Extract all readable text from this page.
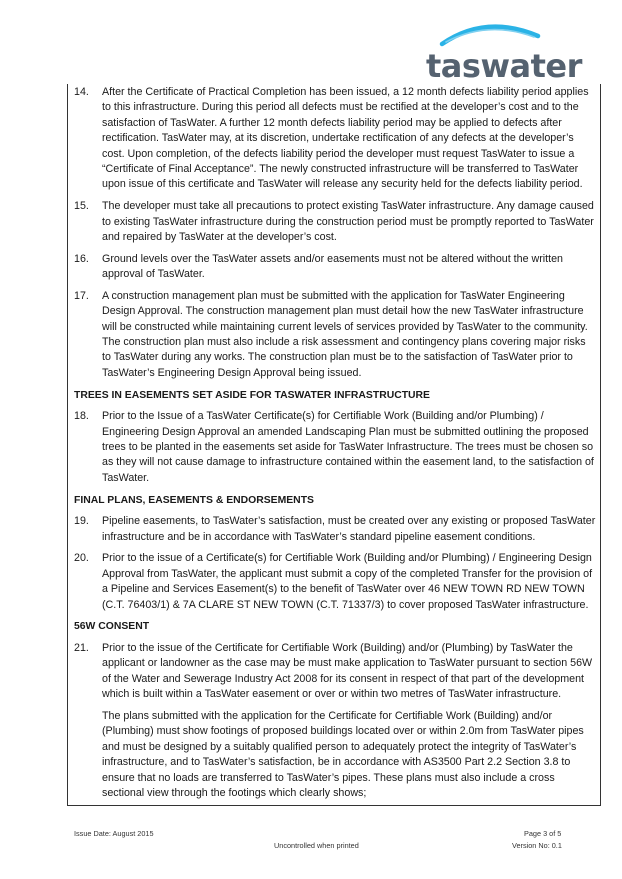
taswater
14.	After the Certificate of Practical Completion has been issued, a 12 month defects liability period applies to this infrastructure. During this period all defects must be rectified at the developer’s cost and to the satisfaction of TasWater. A further 12 month defects liability period may be applied to defects after rectification. TasWater may, at its discretion, undertake rectification of any defects at the developer’s cost. Upon completion, of the defects liability period the developer must request TasWater to issue a “Certificate of Final Acceptance”. The newly constructed infrastructure will be transferred to TasWater upon issue of this certificate and TasWater will release any security held for the defects liability period.
15.	The developer must take all precautions to protect existing TasWater infrastructure. Any damage caused to existing TasWater infrastructure during the construction period must be promptly reported to TasWater and repaired by TasWater at the developer’s cost.
16.	Ground levels over the TasWater assets and/or easements must not be altered without the written approval of TasWater.
17.	A construction management plan must be submitted with the application for TasWater Engineering Design Approval. The construction management plan must detail how the new TasWater infrastructure will be constructed while maintaining current levels of services provided by TasWater to the community. The construction plan must also include a risk assessment and contingency plans covering major risks to TasWater during any works. The construction plan must be to the satisfaction of TasWater prior to TasWater’s Engineering Design Approval being issued.
TREES IN EASEMENTS SET ASIDE FOR TASWATER INFRASTRUCTURE
18.	Prior to the Issue of a TasWater Certificate(s) for Certifiable Work (Building and/or Plumbing) / Engineering Design Approval an amended Landscaping Plan must be submitted outlining the proposed trees to be planted in the easements set aside for TasWater Infrastructure. The trees must be chosen so as they will not cause damage to infrastructure contained within the easement land, to the satisfaction of TasWater.
FINAL PLANS, EASEMENTS & ENDORSEMENTS
19.	Pipeline easements, to TasWater’s satisfaction, must be created over any existing or proposed TasWater infrastructure and be in accordance with TasWater’s standard pipeline easement conditions.
20.	Prior to the issue of a Certificate(s) for Certifiable Work (Building and/or Plumbing) / Engineering Design Approval from TasWater, the applicant must submit a copy of the completed Transfer for the provision of a Pipeline and Services Easement(s) to the benefit of TasWater over 46 NEW TOWN RD NEW TOWN (C.T. 76403/1) & 7A CLARE ST NEW TOWN (C.T. 71337/3) to cover proposed TasWater infrastructure.
56W CONSENT
21.	Prior to the issue of the Certificate for Certifiable Work (Building) and/or (Plumbing) by TasWater the applicant or landowner as the case may be must make application to TasWater pursuant to section 56W of the Water and Sewerage Industry Act 2008 for its consent in respect of that part of the development which is built within a TasWater easement or over or within two metres of TasWater infrastructure.
The plans submitted with the application for the Certificate for Certifiable Work (Building) and/or (Plumbing) must show footings of proposed buildings located over or within 2.0m from TasWater pipes and must be designed by a suitably qualified person to adequately protect the integrity of TasWater’s infrastructure, and to TasWater’s satisfaction, be in accordance with AS3500 Part 2.2 Section 3.8 to ensure that no loads are transferred to TasWater’s pipes. These plans must also include a cross sectional view through the footings which clearly shows;
Issue Date: August 2015
Uncontrolled when printed
Page 3 of 5
Version No: 0.1
